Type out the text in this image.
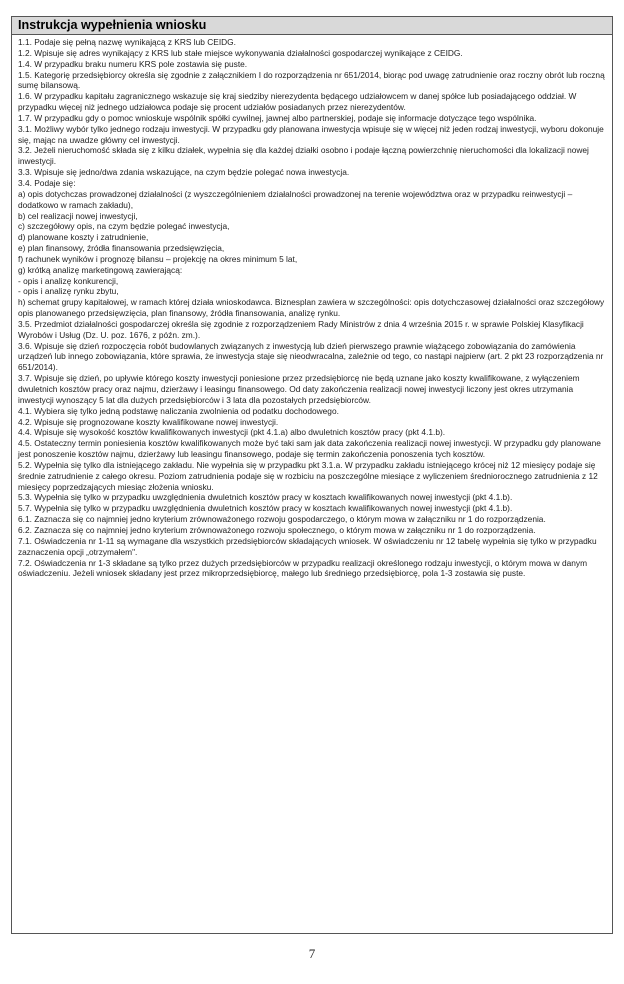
Instrukcja wypełnienia wniosku

1.1. Podaje się pełną nazwę wynikającą z KRS lub CEIDG.

1.2. Wpisuje się adres wynikający z KRS lub stałe miejsce wykonywania działalności gospodarczej wynikające z CEIDG.

1.4. W przypadku braku numeru KRS pole zostawia się puste.

1.5. Kategorię przedsiębiorcy określa się zgodnie z załącznikiem I do rozporządzenia nr 651/2014, biorąc pod uwagę zatrudnienie oraz roczny obrót lub roczną sumę bilansową.

1.6. W przypadku kapitału zagranicznego wskazuje się kraj siedziby nierezydenta będącego udziałowcem w danej spółce lub posiadającego oddział. W przypadku więcej niż jednego udziałowca podaje się procent udziałów posiadanych przez nierezydentów.

1.7. W przypadku gdy o pomoc wnioskuje wspólnik spółki cywilnej, jawnej albo partnerskiej, podaje się informacje dotyczące tego wspólnika.

3.1. Możliwy wybór tylko jednego rodzaju inwestycji. W przypadku gdy planowana inwestycja wpisuje się w więcej niż jeden rodzaj inwestycji, wyboru dokonuje się, mając na uwadze główny cel inwestycji.

3.2. Jeżeli nieruchomość składa się z kilku działek, wypełnia się dla każdej działki osobno i podaje łączną powierzchnię nieruchomości dla lokalizacji nowej inwestycji.

3.3. Wpisuje się jedno/dwa zdania wskazujące, na czym będzie polegać nowa inwestycja.

3.4. Podaje się:

a) opis dotychczas prowadzonej działalności (z wyszczególnieniem działalności prowadzonej na terenie województwa oraz w przypadku reinwestycji – dodatkowo w ramach zakładu),

b) cel realizacji nowej inwestycji,

c) szczegółowy opis, na czym będzie polegać inwestycja,

d) planowane koszty i zatrudnienie,

e) plan finansowy, źródła finansowania przedsięwzięcia,

f) rachunek wyników i prognozę bilansu – projekcję na okres minimum 5 lat,

g) krótką analizę marketingową zawierającą:

- opis i analizę konkurencji,

- opis i analizę rynku zbytu,

h) schemat grupy kapitałowej, w ramach której działa wnioskodawca. Biznesplan zawiera w szczególności: opis dotychczasowej działalności oraz szczegółowy opis planowanego przedsięwzięcia, plan finansowy, źródła finansowania, analizę rynku.

3.5. Przedmiot działalności gospodarczej określa się zgodnie z rozporządzeniem Rady Ministrów z dnia 4 września 2015 r. w sprawie Polskiej Klasyfikacji Wyrobów i Usług (Dz. U. poz. 1676, z późn. zm.).

3.6. Wpisuje się dzień rozpoczęcia robót budowlanych związanych z inwestycją lub dzień pierwszego prawnie wiążącego zobowiązania do zamówienia urządzeń lub innego zobowiązania, które sprawia, że inwestycja staje się nieodwracalna, zależnie od tego, co nastąpi najpierw (art. 2 pkt 23 rozporządzenia nr 651/2014).

3.7. Wpisuje się dzień, po upływie którego koszty inwestycji poniesione przez przedsiębiorcę nie będą uznane jako koszty kwalifikowane, z wyłączeniem dwuletnich kosztów pracy oraz najmu, dzierżawy i leasingu finansowego. Od daty zakończenia realizacji nowej inwestycji liczony jest okres utrzymania inwestycji wynoszący 5 lat dla dużych przedsiębiorców i 3 lata dla pozostałych przedsiębiorców.

4.1. Wybiera się tylko jedną podstawę naliczania zwolnienia od podatku dochodowego.

4.2. Wpisuje się prognozowane koszty kwalifikowane nowej inwestycji.

4.4. Wpisuje się wysokość kosztów kwalifikowanych inwestycji (pkt 4.1.a) albo dwuletnich kosztów pracy (pkt 4.1.b).

4.5. Ostateczny termin poniesienia kosztów kwalifikowanych może być taki sam jak data zakończenia realizacji nowej inwestycji. W przypadku gdy planowane jest ponoszenie kosztów najmu, dzierżawy lub leasingu finansowego, podaje się termin zakończenia ponoszenia tych kosztów.

5.2. Wypełnia się tylko dla istniejącego zakładu. Nie wypełnia się w przypadku pkt 3.1.a. W przypadku zakładu istniejącego krócej niż 12 miesięcy podaje się średnie zatrudnienie z całego okresu. Poziom zatrudnienia podaje się w rozbiciu na poszczególne miesiące z wyliczeniem średniorocznego zatrudnienia z 12 miesięcy poprzedzających miesiąc złożenia wniosku.

5.3. Wypełnia się tylko w przypadku uwzględnienia dwuletnich kosztów pracy w kosztach kwalifikowanych nowej inwestycji (pkt 4.1.b).

5.7. Wypełnia się tylko w przypadku uwzględnienia dwuletnich kosztów pracy w kosztach kwalifikowanych nowej inwestycji (pkt 4.1.b).

6.1. Zaznacza się co najmniej jedno kryterium zrównoważonego rozwoju gospodarczego, o którym mowa w załączniku nr 1 do rozporządzenia.

6.2. Zaznacza się co najmniej jedno kryterium zrównoważonego rozwoju społecznego, o którym mowa w załączniku nr 1 do rozporządzenia.

7.1. Oświadczenia nr 1-11 są wymagane dla wszystkich przedsiębiorców składających wniosek. W oświadczeniu nr 12 tabelę wypełnia się tylko w przypadku zaznaczenia opcji „otrzymałem".

7.2. Oświadczenia nr 1-3 składane są tylko przez dużych przedsiębiorców w przypadku realizacji określonego rodzaju inwestycji, o którym mowa w danym oświadczeniu. Jeżeli wniosek składany jest przez mikroprzedsiębiorcę, małego lub średniego przedsiębiorcę, pola 1-3 zostawia się puste.

7
